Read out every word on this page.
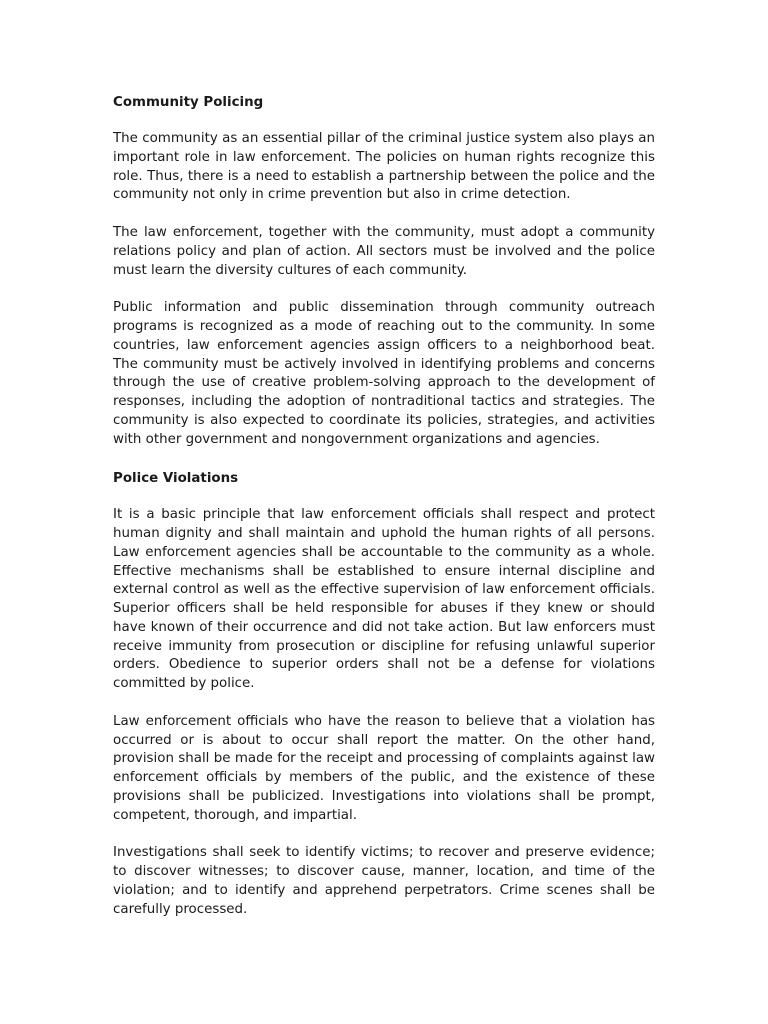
Community Policing

The community as an essential pillar of the criminal justice system also plays an important role in law enforcement. The policies on human rights recognize this role. Thus, there is a need to establish a partnership between the police and the community not only in crime prevention but also in crime detection.

The law enforcement, together with the community, must adopt a community relations policy and plan of action. All sectors must be involved and the police must learn the diversity cultures of each community.

Public information and public dissemination through community outreach programs is recognized as a mode of reaching out to the community. In some countries, law enforcement agencies assign officers to a neighborhood beat. The community must be actively involved in identifying problems and concerns through the use of creative problem-solving approach to the development of responses, including the adoption of nontraditional tactics and strategies. The community is also expected to coordinate its policies, strategies, and activities with other government and nongovernment organizations and agencies.

Police Violations

It is a basic principle that law enforcement officials shall respect and protect human dignity and shall maintain and uphold the human rights of all persons. Law enforcement agencies shall be accountable to the community as a whole. Effective mechanisms shall be established to ensure internal discipline and external control as well as the effective supervision of law enforcement officials. Superior officers shall be held responsible for abuses if they knew or should have known of their occurrence and did not take action. But law enforcers must receive immunity from prosecution or discipline for refusing unlawful superior orders. Obedience to superior orders shall not be a defense for violations committed by police.

Law enforcement officials who have the reason to believe that a violation has occurred or is about to occur shall report the matter. On the other hand, provision shall be made for the receipt and processing of complaints against law enforcement officials by members of the public, and the existence of these provisions shall be publicized. Investigations into violations shall be prompt, competent, thorough, and impartial.

Investigations shall seek to identify victims; to recover and preserve evidence; to discover witnesses; to discover cause, manner, location, and time of the violation; and to identify and apprehend perpetrators. Crime scenes shall be carefully processed.
